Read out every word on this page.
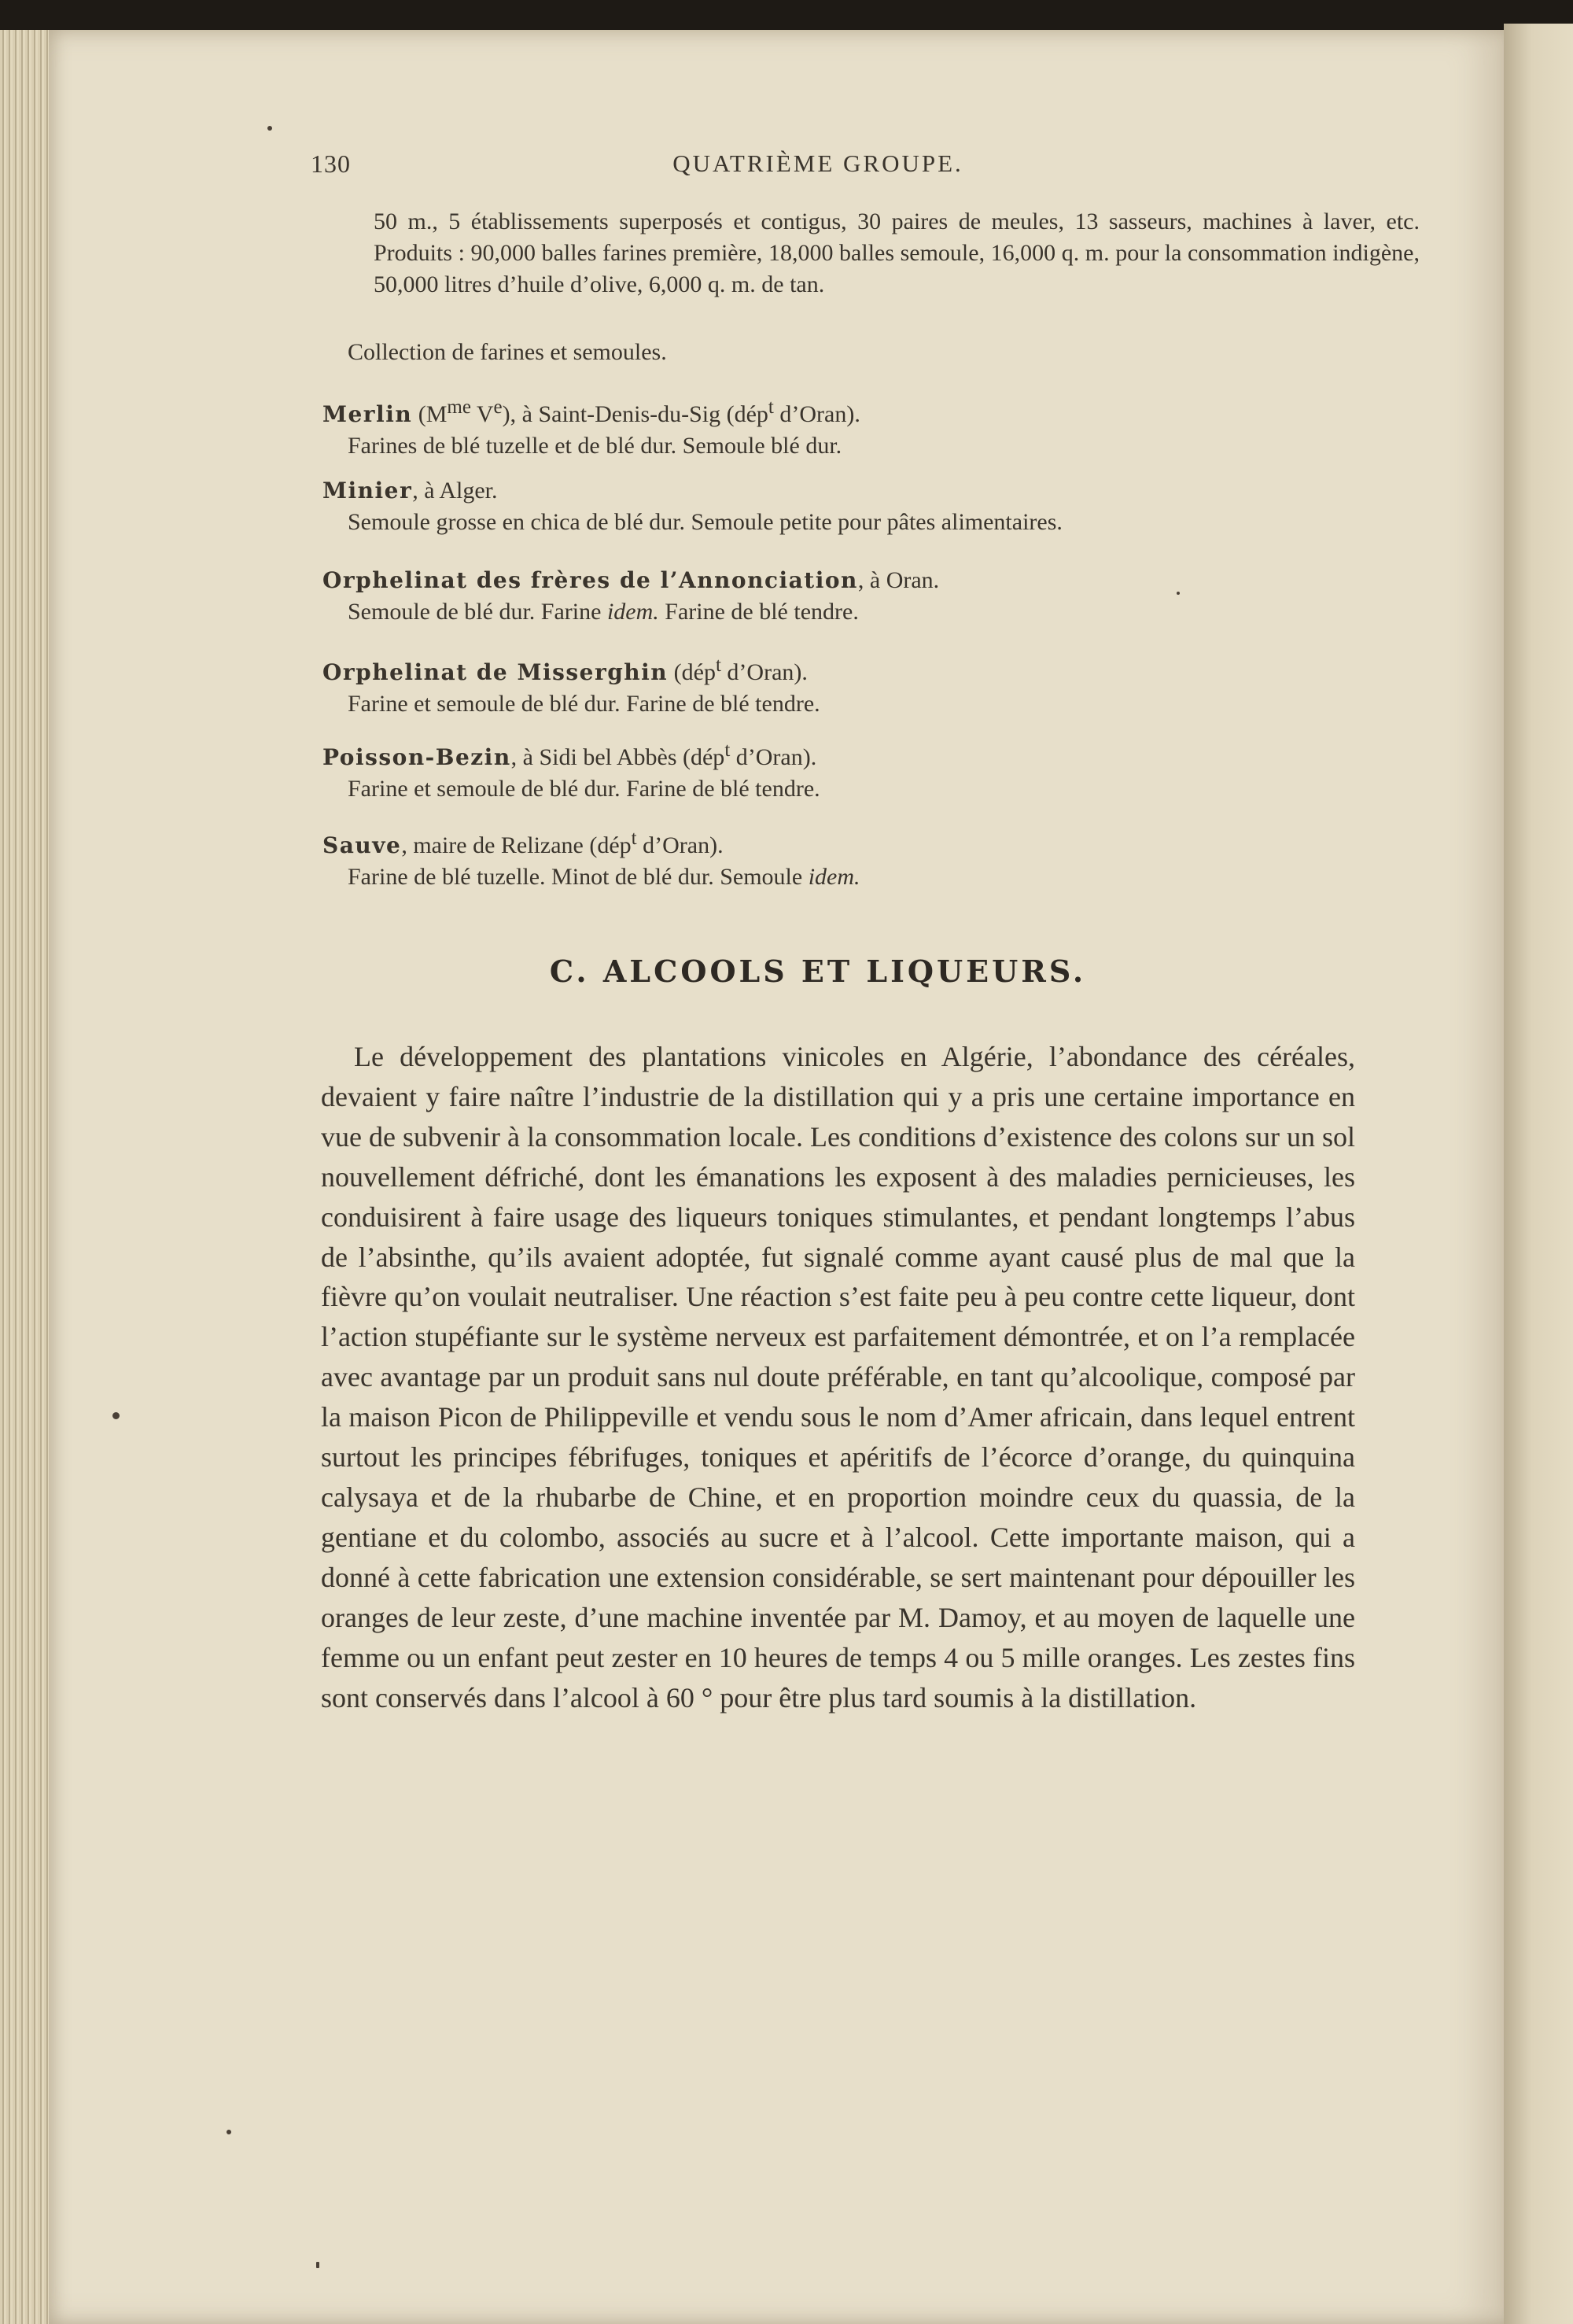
130	QUATRIÈME GROUPE.
50 m., 5 établissements superposés et contigus, 30 paires de meules, 13 sasseurs, machines à laver, etc. Produits : 90,000 balles farines première, 18,000 balles semoule, 16,000 q. m. pour la consommation indigène, 50,000 litres d’huile d’olive, 6,000 q. m. de tan.
Collection de farines et semoules.
Merlin ($M^{me}$ Ve), à Saint-Denis-du-Sig (dép$^t$ d’Oran).
Farines de blé tuzelle et de blé dur. Semoule blé dur.
Minier, à Alger.
Semoule grosse en chica de blé dur. Semoule petite pour pâtes alimentaires.
Orphelinat des frères de l’Annonciation, à Oran.
Semoule de blé dur. Farine idem. Farine de blé tendre.
Orphelinat de Misserghin (dép$^t$ d’Oran).
Farine et semoule de blé dur. Farine de blé tendre.
Poisson-Bezin, à Sidi bel Abbès (dép$^t$ d’Oran).
Farine et semoule de blé dur. Farine de blé tendre.
Sauve, maire de Relizane (dép$^t$ d’Oran).
Farine de blé tuzelle. Minot de blé dur. Semoule idem.
C. ALCOOLS ET LIQUEURS.
Le développement des plantations vinicoles en Algérie, l’abondance des céréales, devaient y faire naître l’industrie de la distillation qui y a pris une certaine importance en vue de subvenir à la consommation locale. Les conditions d’existence des colons sur un sol nouvellement défriché, dont les émanations les exposent à des maladies pernicieuses, les conduisirent à faire usage des liqueurs toniques stimulantes, et pendant longtemps l’abus de l’absinthe, qu’ils avaient adoptée, fut signalé comme ayant causé plus de mal que la fièvre qu’on voulait neutraliser. Une réaction s’est faite peu à peu contre cette liqueur, dont l’action stupéfiante sur le système nerveux est parfaitement démontrée, et on l’a remplacée avec avantage par un produit sans nul doute préférable, en tant qu’alcoolique, composé par la maison Picon de Philippeville et vendu sous le nom d’Amer africain, dans lequel entrent surtout les principes fébrifuges, toniques et apéritifs de l’écorce d’orange, du quinquina calysaya et de la rhubarbe de Chine, et en proportion moindre ceux du quassia, de la gentiane et du colombo, associés au sucre et à l’alcool. Cette importante maison, qui a donné à cette fabrication une extension considérable, se sert maintenant pour dépouiller les oranges de leur zeste, d’une machine inventée par M. Damoy, et au moyen de laquelle une femme ou un enfant peut zester en 10 heures de temps 4 ou 5 mille oranges. Les zestes fins sont conservés dans l’alcool à 60 ° pour être plus tard soumis à la distillation.
